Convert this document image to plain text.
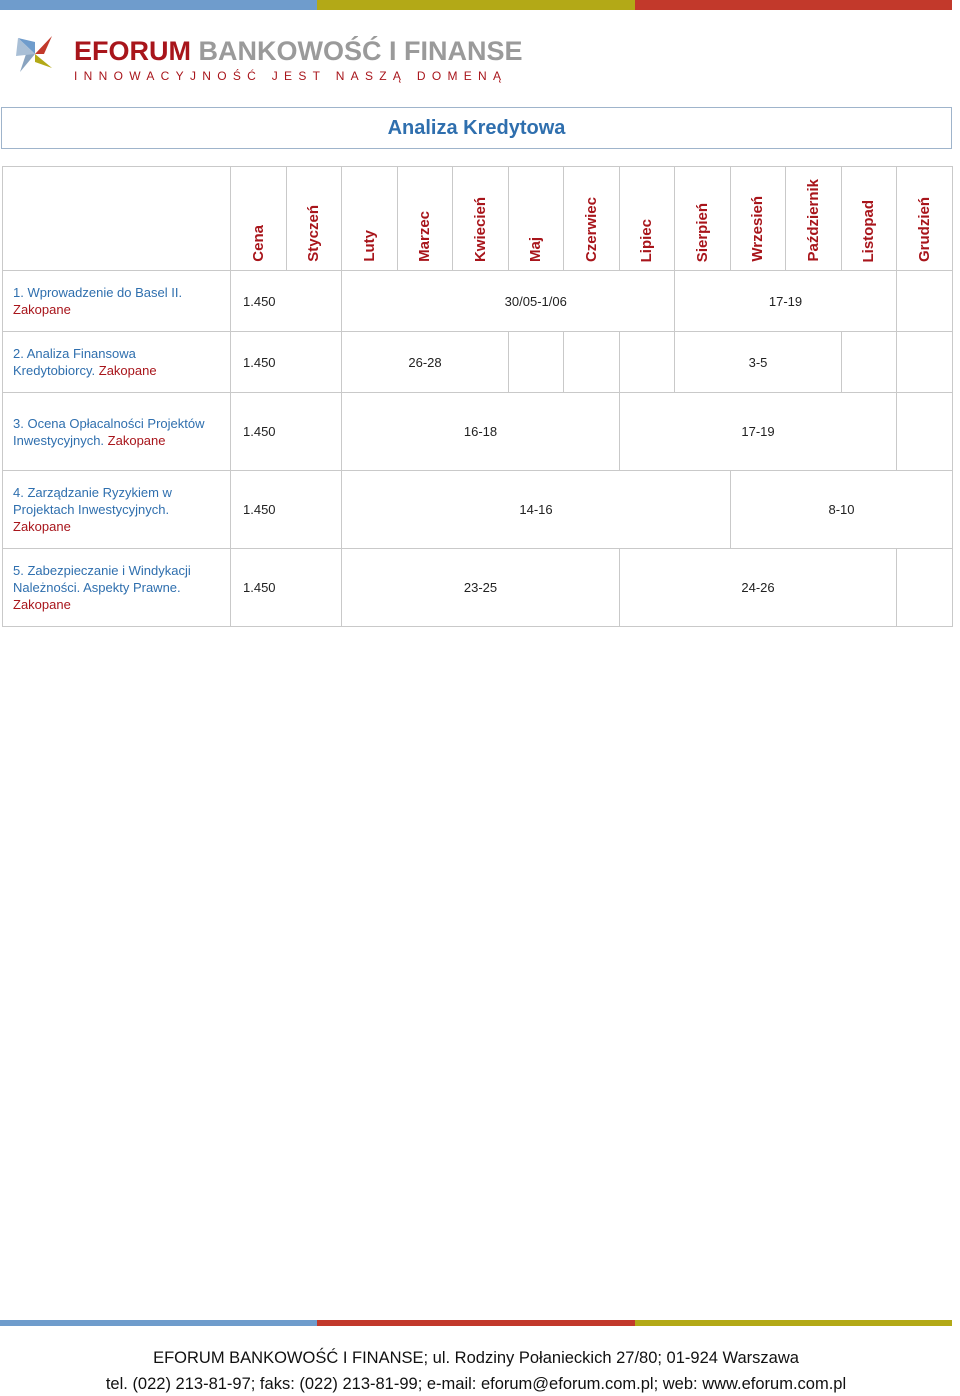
EFORUM BANKOWOŚĆ I FINANSE
INNOWACYJNOŚĆ JEST NASZĄ DOMENĄ
Analiza Kredytowa

	Cena	Styczeń	Luty	Marzec	Kwiecień	Maj	Czerwiec	Lipiec	Sierpień	Wrzesień	Październik	Listopad	Grudzień

1. Wprowadzenie do Basel II. Zakopane	1.450			30/05-1/06					17-19				
2. Analiza Finansowa Kredytobiorcy. Zakopane	1.450		26-28						3-5				
3. Ocena Opłacalności Projektów Inwestycyjnych. Zakopane	1.450		16-18					17-19					
4. Zarządzanie Ryzykiem w Projektach Inwestycyjnych. Zakopane	1.450		14-16							8-10			
5. Zabezpieczanie i Windykacji Należności. Aspekty Prawne. Zakopane	1.450		23-25					24-26					
EFORUM BANKOWOŚĆ I FINANSE; ul. Rodziny Połanieckich 27/80; 01-924 Warszawa
tel. (022) 213-81-97; faks: (022) 213-81-99; e-mail: eforum@eforum.com.pl; web: www.eforum.com.pl
